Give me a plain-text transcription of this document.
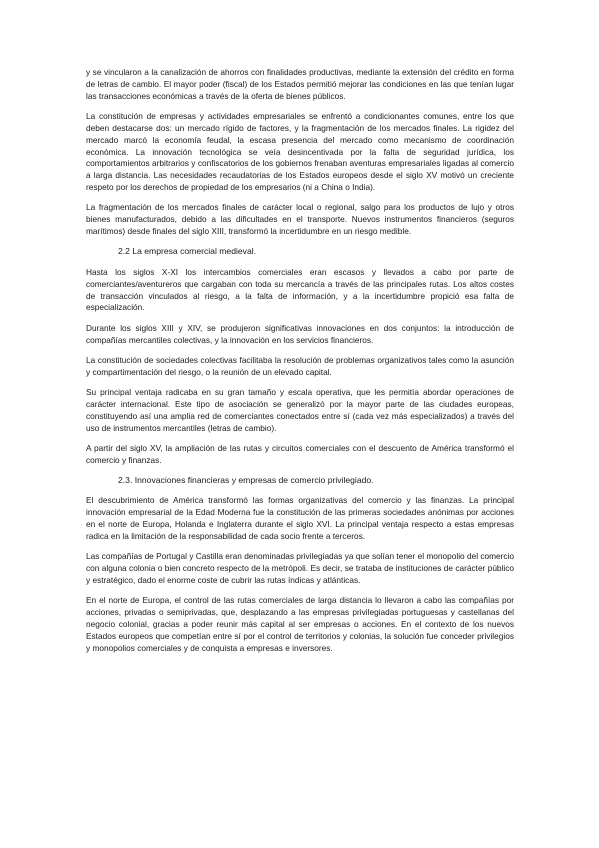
y se vincularon a la canalización de ahorros con finalidades productivas, mediante la extensión del crédito en forma de letras de cambio. El mayor poder (fiscal) de los Estados permitió mejorar las condiciones en las que tenían lugar las transacciones económicas a través de la oferta de bienes públicos.

La constitución de empresas y actividades empresariales se enfrentó a condicionantes comunes, entre los que deben destacarse dos: un mercado rígido de factores, y la fragmentación de los mercados finales. La rigidez del mercado marcó la economía feudal, la escasa presencia del mercado como mecanismo de coordinación económica. La innovación tecnológica se veía desincentivada por la falta de seguridad jurídica, los comportamientos arbitrarios y confiscatorios de los gobiernos frenaban aventuras empresariales ligadas al comercio a larga distancia. Las necesidades recaudatorias de los Estados europeos desde el siglo XV motivó un creciente respeto por los derechos de propiedad de los empresarios (ni a China o India).

La fragmentación de los mercados finales de carácter local o regional, salgo para los productos de lujo y otros bienes manufacturados, debido a las dificultades en el transporte. Nuevos instrumentos financieros (seguros marítimos) desde finales del siglo XIII, transformó la incertidumbre en un riesgo medible.

2.2 La empresa comercial medieval.

Hasta los siglos X-XI los intercambios comerciales eran escasos y llevados a cabo por parte de comerciantes/aventureros que cargaban con toda su mercancía a través de las principales rutas. Los altos costes de transacción vinculados al riesgo, a la falta de información, y a la incertidumbre propició esa falta de especialización.

Durante los siglos XIII y XIV, se produjeron significativas innovaciones en dos conjuntos: la introducción de compañías mercantiles colectivas, y la innovación en los servicios financieros.

La constitución de sociedades colectivas facilitaba la resolución de problemas organizativos tales como la asunción y compartimentación del riesgo, o la reunión de un elevado capital.

Su principal ventaja radicaba en su gran tamaño y escala operativa, que les permitía abordar operaciones de carácter internacional. Este tipo de asociación se generalizó por la mayor parte de las ciudades europeas, constituyendo así una amplia red de comerciantes conectados entre sí (cada vez más especializados) a través del uso de instrumentos mercantiles (letras de cambio).

A partir del siglo XV, la ampliación de las rutas y circuitos comerciales con el descuento de América transformó el comercio y finanzas.

2.3. Innovaciones financieras y empresas de comercio privilegiado.

El descubrimiento de América transformó las formas organizativas del comercio y las finanzas. La principal innovación empresarial de la Edad Moderna fue la constitución de las primeras sociedades anónimas por acciones en el norte de Europa, Holanda e Inglaterra durante el siglo XVI. La principal ventaja respecto a estas empresas radica en la limitación de la responsabilidad de cada socio frente a terceros.

Las compañías de Portugal y Castilla eran denominadas privilegiadas ya que solían tener el monopolio del comercio con alguna colonia o bien concreto respecto de la metrópoli. Es decir, se trataba de instituciones de carácter público y estratégico, dado el enorme coste de cubrir las rutas índicas y atlánticas.

En el norte de Europa, el control de las rutas comerciales de larga distancia lo llevaron a cabo las compañías por acciones, privadas o semiprivadas, que, desplazando a las empresas privilegiadas portuguesas y castellanas del negocio colonial, gracias a poder reunir más capital al ser empresas o acciones. En el contexto de los nuevos Estados europeos que competían entre sí por el control de territorios y colonias, la solución fue conceder privilegios y monopolios comerciales y de conquista a empresas e inversores.
